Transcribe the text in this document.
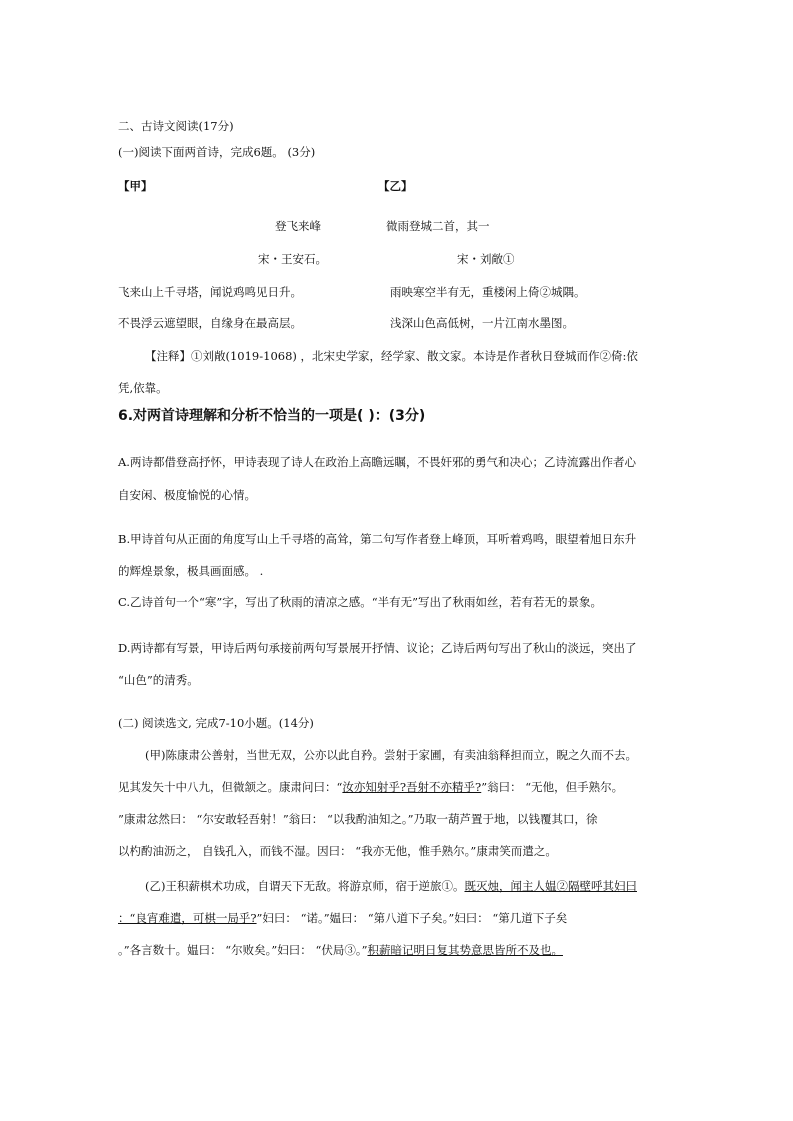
二、古诗文阅读(17分)
(一)阅读下面两首诗，完成6题。 (3分)
【甲】	【乙】
登飞来峰	微雨登城二首，其一
宋・王安石。	宋・刘敞①
飞来山上千寻塔，闻说鸡鸣见日升。	雨映寒空半有无，重楼闲上倚②城隅。
不畏浮云遮望眼，自缘身在最高层。	浅深山色高低树，一片江南水墨图。
【注释】①刘敞(1019-1068) ，北宋史学家，经学家、散文家。本诗是作者秋日登城而作②倚:依
凭,依靠。
6.对两首诗理解和分析不恰当的一项是( )：(3分)
A.两诗都借登高抒怀，甲诗表现了诗人在政治上高瞻远瞩，不畏奸邪的勇气和决心；乙诗流露出作者心
自安闲、极度愉悦的心情。
B.甲诗首句从正面的角度写山上千寻塔的高耸，第二句写作者登上峰顶，耳听着鸡鸣，眼望着旭日东升
的辉煌景象，极具画面感。 .
C.乙诗首句一个“寒”字，写出了秋雨的清凉之感。“半有无”写出了秋雨如丝，若有若无的景象。
D.两诗都有写景，甲诗后两句承接前两句写景展开抒情、议论；乙诗后两句写出了秋山的淡远，突出了
“山色”的清秀。
(二) 阅读选文, 完成7-10小题。(14分)
(甲)陈康肃公善射，当世无双，公亦以此自矜。尝射于家圃，有卖油翁释担而立，睨之久而不去。
见其发矢十中八九，但微颔之。康肃问曰：“汝亦知射乎?吾射不亦精乎?”翁曰： “无他，但手熟尔。
”康肃忿然曰： “尔安敢轻吾射！”翁曰： “以我酌油知之。”乃取一葫芦置于地，以钱覆其口，徐
以杓酌油沥之， 自钱孔入，而钱不湿。因曰： “我亦无他，惟手熟尔。”康肃笑而遣之。
(乙)王积薪棋术功成，自谓天下无敌。将游京师，宿于逆旅①。既灭烛，闻主人媪②隔壁呼其妇曰
：“良宵难遣，可棋一局乎?”妇曰： “诺。”媪曰： “第八道下子矣。”妇曰： “第几道下子矣
。”各言数十。媪曰： “尔败矣。”妇曰： “伏局③。”积薪暗记明日复其势意思皆所不及也。
